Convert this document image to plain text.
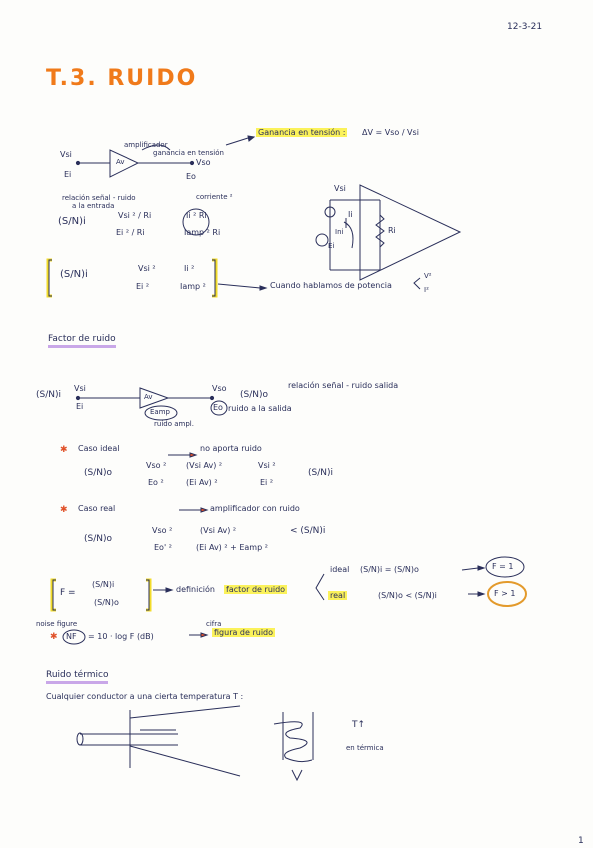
12-3-21
T.3. RUIDO
Vsi
Ei
Av	Vso
Eo
amplificador
ganancia en tensión
Ganancia en tensión : ΔV = Vso / Vsi
relación señal - ruido
a la entrada
corriente ²
(S/N)i
Vsi ² / Ri
Ei ² / Ri
Ii ² Ri
Iamp ² Ri
(S/N)i
Vsi ²
Ei ²
Ii ²
Iamp ²	Cuando hablamos de potencia
V²
I²
Vsi
Ii
Ini
Ei
Ri
Factor de ruido
(S/N)i
Vsi
Ei
Av
Eamp
ruido ampl.
Vso
Eo
(S/N)o
relación señal - ruido salida
ruido a la salida
✱ Caso ideal	no aporta ruido
(S/N)o
Vso ²
Eo ²
(Vsi Av) ²
(Ei Av) ²
Vsi ²
Ei ²
(S/N)i
✱ Caso real	amplificador con ruido
(S/N)o
Vso ²
Eo' ²
(Vsi Av) ²
(Ei Av) ² + Eamp ²
< (S/N)i
F =
(S/N)i
(S/N)o
definición factor de ruido
ideal (S/N)i = (S/N)o	F = 1
real	(S/N)o < (S/N)i	F > 1
noise figure	cifra
✱ NF = 10 · log F (dB)	figura de ruido
Ruido térmico
Cualquier conductor a una cierta temperatura T :
T↑
en térmica
1
